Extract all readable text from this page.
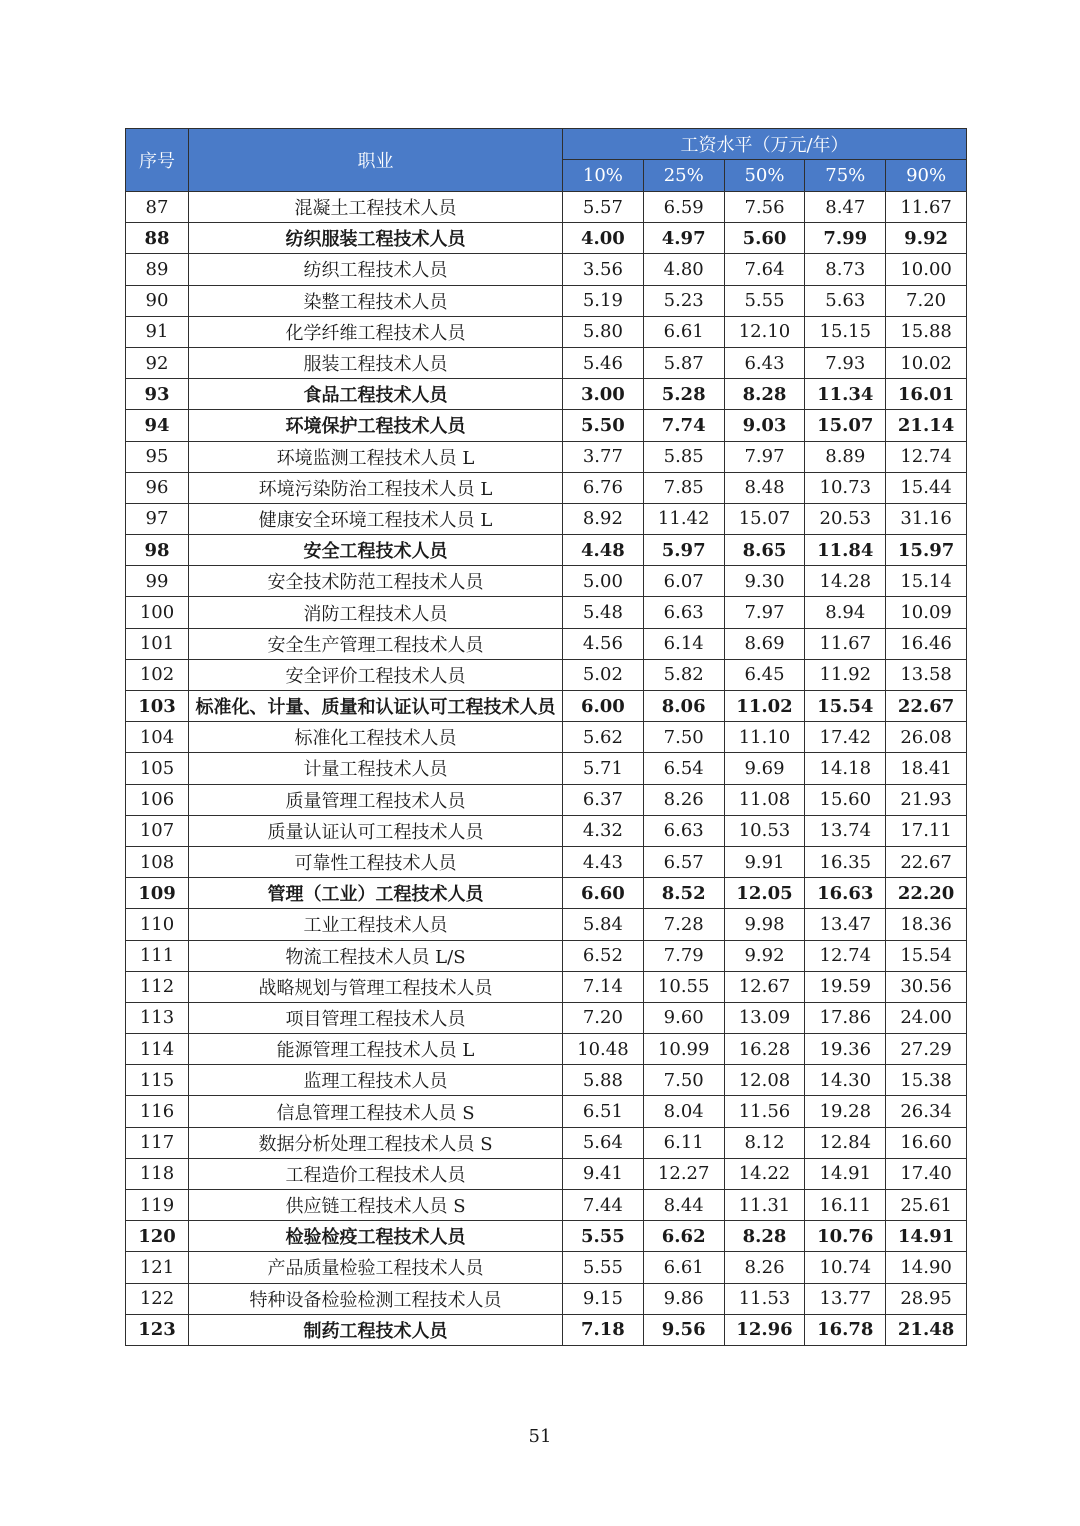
序号	职业	工资水平（万元/年）				
		10%	25%	50%	75%	90%
87	混凝土工程技术人员	5.57	6.59	7.56	8.47	11.67
88	纺织服装工程技术人员	4.00	4.97	5.60	7.99	9.92
89	纺织工程技术人员	3.56	4.80	7.64	8.73	10.00
90	染整工程技术人员	5.19	5.23	5.55	5.63	7.20
91	化学纤维工程技术人员	5.80	6.61	12.10	15.15	15.88
92	服装工程技术人员	5.46	5.87	6.43	7.93	10.02
93	食品工程技术人员	3.00	5.28	8.28	11.34	16.01
94	环境保护工程技术人员	5.50	7.74	9.03	15.07	21.14
95	环境监测工程技术人员 L	3.77	5.85	7.97	8.89	12.74
96	环境污染防治工程技术人员 L	6.76	7.85	8.48	10.73	15.44
97	健康安全环境工程技术人员 L	8.92	11.42	15.07	20.53	31.16
98	安全工程技术人员	4.48	5.97	8.65	11.84	15.97
99	安全技术防范工程技术人员	5.00	6.07	9.30	14.28	15.14
100	消防工程技术人员	5.48	6.63	7.97	8.94	10.09
101	安全生产管理工程技术人员	4.56	6.14	8.69	11.67	16.46
102	安全评价工程技术人员	5.02	5.82	6.45	11.92	13.58
103	标准化、计量、质量和认证认可工程技术人员	6.00	8.06	11.02	15.54	22.67
104	标准化工程技术人员	5.62	7.50	11.10	17.42	26.08
105	计量工程技术人员	5.71	6.54	9.69	14.18	18.41
106	质量管理工程技术人员	6.37	8.26	11.08	15.60	21.93
107	质量认证认可工程技术人员	4.32	6.63	10.53	13.74	17.11
108	可靠性工程技术人员	4.43	6.57	9.91	16.35	22.67
109	管理（工业）工程技术人员	6.60	8.52	12.05	16.63	22.20
110	工业工程技术人员	5.84	7.28	9.98	13.47	18.36
111	物流工程技术人员 L/S	6.52	7.79	9.92	12.74	15.54
112	战略规划与管理工程技术人员	7.14	10.55	12.67	19.59	30.56
113	项目管理工程技术人员	7.20	9.60	13.09	17.86	24.00
114	能源管理工程技术人员 L	10.48	10.99	16.28	19.36	27.29
115	监理工程技术人员	5.88	7.50	12.08	14.30	15.38
116	信息管理工程技术人员 S	6.51	8.04	11.56	19.28	26.34
117	数据分析处理工程技术人员 S	5.64	6.11	8.12	12.84	16.60
118	工程造价工程技术人员	9.41	12.27	14.22	14.91	17.40
119	供应链工程技术人员 S	7.44	8.44	11.31	16.11	25.61
120	检验检疫工程技术人员	5.55	6.62	8.28	10.76	14.91
121	产品质量检验工程技术人员	5.55	6.61	8.26	10.74	14.90
122	特种设备检验检测工程技术人员	9.15	9.86	11.53	13.77	28.95
123	制药工程技术人员	7.18	9.56	12.96	16.78	21.48
51
